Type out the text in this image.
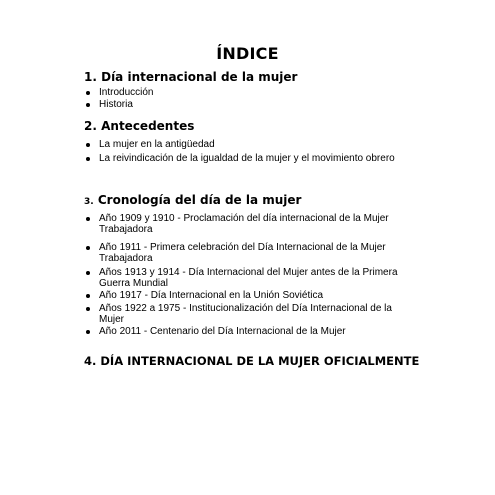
ÍNDICE
1. Día internacional de la mujer
Introducción
Historia
2. Antecedentes
La mujer en la antigüedad
La reivindicación de la igualdad de la mujer y el movimiento obrero
3. Cronología del día de la mujer
Año 1909 y 1910 - Proclamación del día internacional de la Mujer Trabajadora
Año 1911 - Primera celebración del Día Internacional de la Mujer Trabajadora
Años 1913 y 1914 - Día Internacional del Mujer antes de la Primera Guerra Mundial
Año 1917 - Día Internacional en la Unión Soviética
Años 1922 a 1975 - Institucionalización del Día Internacional de la Mujer
Año 2011 - Centenario del Día Internacional de la Mujer
4. DÍA INTERNACIONAL DE LA MUJER OFICIALMENTE
